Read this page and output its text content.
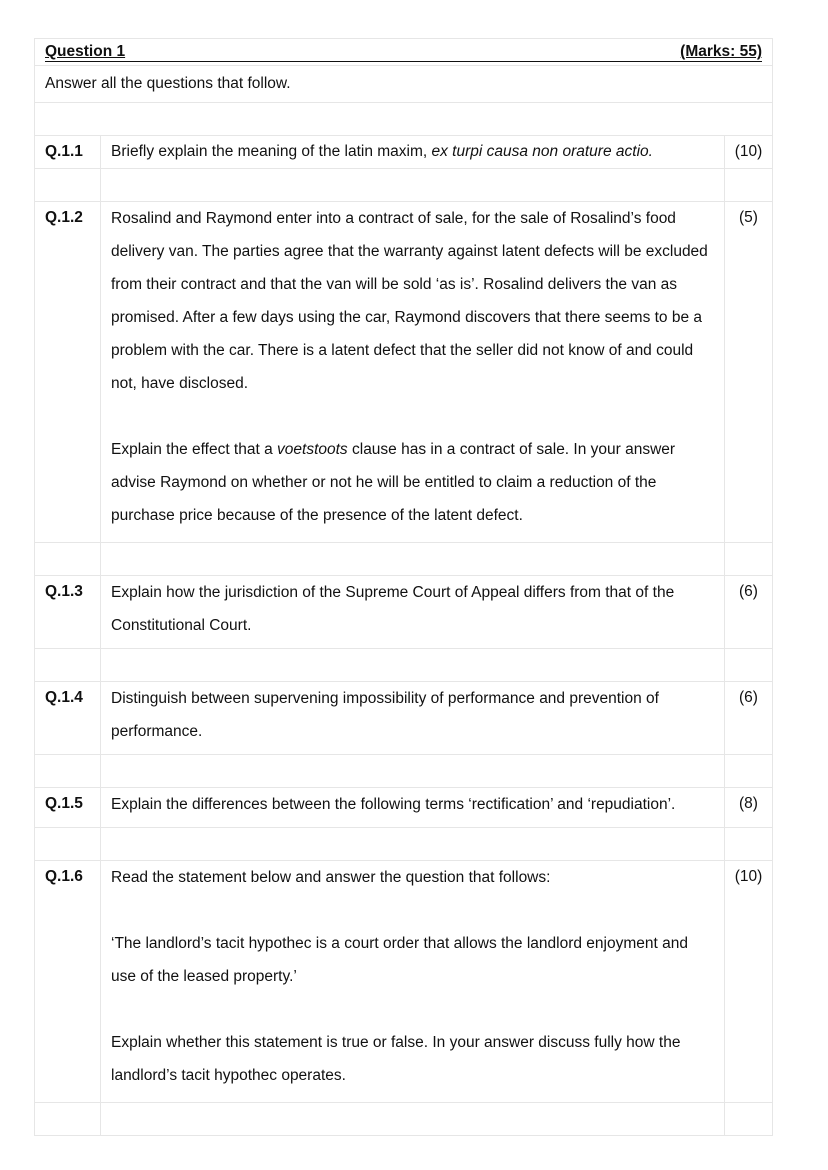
Question 1 (Marks: 55)		

Answer all the questions that follow.		

Q.1.1	Briefly explain the meaning of the latin maxim, ex turpi causa non orature actio.	(10)

Q.1.2	Rosalind and Raymond enter into a contract of sale, for the sale of Rosalind’s food delivery van. The parties agree that the warranty against latent defects will be excluded from their contract and that the van will be sold ‘as is’. Rosalind delivers the van as promised. After a few days using the car, Raymond discovers that there seems to be a problem with the car. There is a latent defect that the seller did not know of and could not, have disclosed.
Explain the effect that a voetstoots clause has in a contract of sale. In your answer advise Raymond on whether or not he will be entitled to claim a reduction of the purchase price because of the presence of the latent defect.	(5)

Q.1.3	Explain how the jurisdiction of the Supreme Court of Appeal differs from that of the Constitutional Court.	(6)

Q.1.4	Distinguish between supervening impossibility of performance and prevention of performance.	(6)

Q.1.5	Explain the differences between the following terms ‘rectification’ and ‘repudiation’.	(8)

Q.1.6	Read the statement below and answer the question that follows:
‘The landlord’s tacit hypothec is a court order that allows the landlord enjoyment and use of the leased property.’
Explain whether this statement is true or false. In your answer discuss fully how the landlord’s tacit hypothec operates.	(10)
